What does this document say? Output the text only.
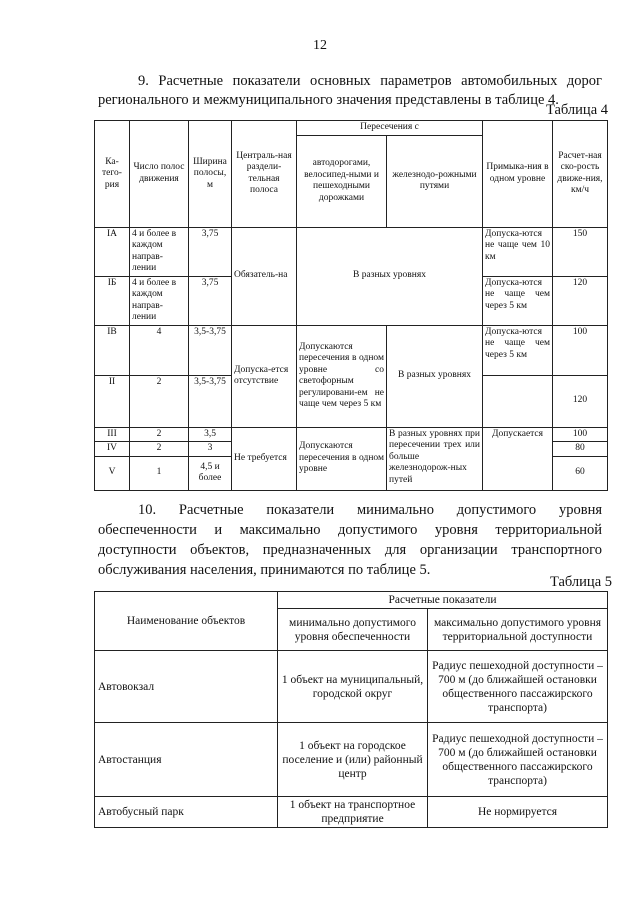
12
9. Расчетные показатели основных параметров автомобильных дорог регионального и межмуниципального значения представлены в таблице 4.
Таблица 4
Ка-тего-рия	Число полос движения	Ширина полосы, м	Централь-ная раздели-тельная полоса	Пересечения с		Примыка-ния в одном уровне	Расчет-ная ско-рость движе-ния, км/ч
				автодорогами, велосипед-ными и пешеходными дорожками	железнодо-рожными путями		
IA	4 и более в каждом направ-лении	3,75	Обязатель-на	В разных уровнях		Допуска-ются не чаще чем 10 км	150
IБ	4 и более в каждом направ-лении	3,75				Допуска-ются не чаще чем через 5 км	120
IB	4	3,5-3,75	Допуска-ется отсутствие	Допускаются пересечения в одном уровне со светофорным регулировани-ем не чаще чем через 5 км	В разных уровнях	Допуска-ются не чаще чем через 5 км	100
II	2	3,5-3,75					120
III	2	3,5	Не требуется	Допускаются пересечения в одном уровне	В разных уровнях при пересечении трех или больше железнодорож-ных путей	Допускается	100
IV	2	3					80
V	1	4,5 и более					60
10. Расчетные показатели минимально допустимого уровня обеспеченности и максимально допустимого уровня территориальной доступности объектов, предназначенных для организации транспортного обслуживания населения, принимаются по таблице 5.
Таблица 5
Наименование объектов	Расчетные показатели	
	минимально допустимого уровня обеспеченности	максимально допустимого уровня территориальной доступности
Автовокзал	1 объект на муниципальный, городской округ	Радиус пешеходной доступности – 700 м (до ближайшей остановки общественного пассажирского транспорта)
Автостанция	1 объект на городское поселение и (или) районный центр	Радиус пешеходной доступности – 700 м (до ближайшей остановки общественного пассажирского транспорта)
Автобусный парк	1 объект на транспортное предприятие	Не нормируется
